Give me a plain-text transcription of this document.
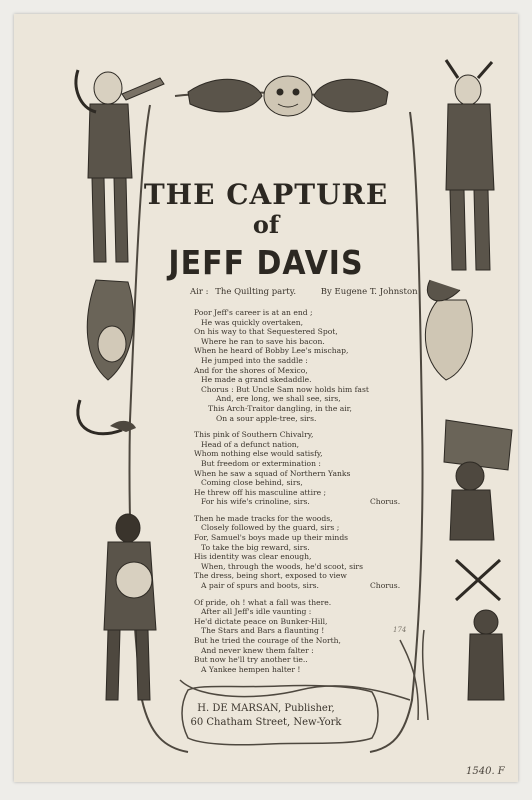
THE CAPTURE
of
JEFF DAVIS
Air : The Quilting party.	By Eugene T. Johnston
Poor Jeff's career is at an end ;
He was quickly overtaken,
On his way to that Sequestered Spot,
Where he ran to save his bacon.
When he heard of Bobby Lee's mischap,
He jumped into the saddle :
And for the shores of Mexico,
He made a grand skedaddle.
Chorus : But Uncle Sam now holds him fast
And, ere long, we shall see, sirs,
This Arch-Traitor dangling, in the air,
On a sour apple-tree, sirs.
This pink of Southern Chivalry,
Head of a defunct nation,
Whom nothing else would satisfy,
But freedom or extermination :
When he saw a squad of Northern Yanks
Coming close behind, sirs,
He threw off his masculine attire ;
For his wife's crinoline, sirs.	Chorus.
Then he made tracks for the woods,
Closely followed by the guard, sirs ;
For, Samuel's boys made up their minds
To take the big reward, sirs.
His identity was clear enough,
When, through the woods, he'd scoot, sirs
The dress, being short, exposed to view
A pair of spurs and boots, sirs.	Chorus.
Of pride, oh ! what a fall was there.
After all Jeff's idle vaunting :
He'd dictate peace on Bunker-Hill,
The Stars and Bars a flaunting !
But he tried the courage of the North,
And never knew them falter :
But now he'll try another tie..
A Yankee hempen halter !
174
H. DE MARSAN, Publisher,
60 Chatham Street, New-York
1540. F
